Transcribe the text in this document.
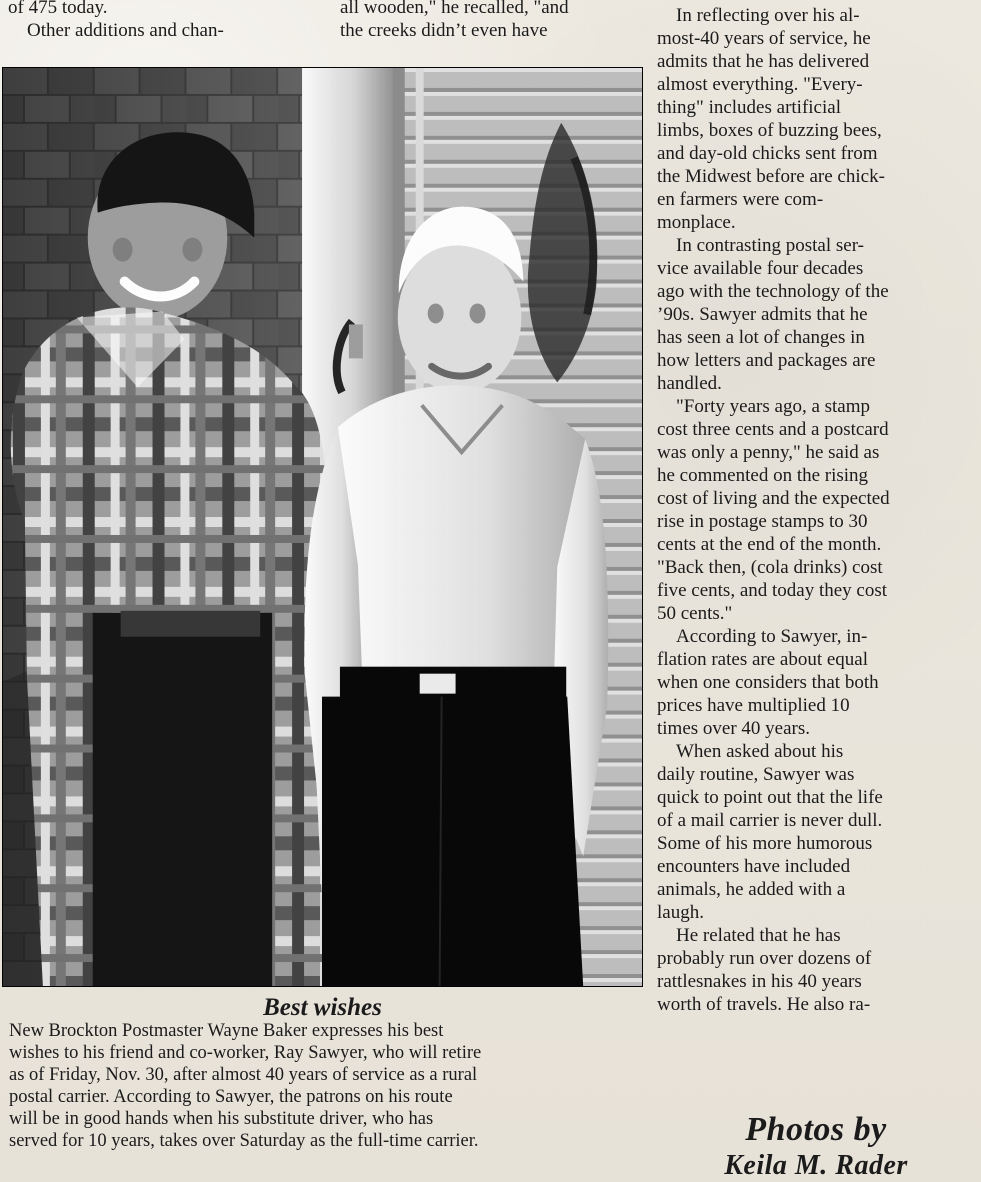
of 475 today.
Other additions and chan-
all wooden," he recalled, "and
the creeks didn’t even have
Best wishes
New Brockton Postmaster Wayne Baker expresses his best
wishes to his friend and co-worker, Ray Sawyer, who will retire
as of Friday, Nov. 30, after almost 40 years of service as a rural
postal carrier. According to Sawyer, the patrons on his route
will be in good hands when his substitute driver, who has
served for 10 years, takes over Saturday as the full-time carrier.
In reflecting over his al-
most-40 years of service, he
admits that he has delivered
almost everything. "Every-
thing" includes artificial
limbs, boxes of buzzing bees,
and day-old chicks sent from
the Midwest before are chick-
en farmers were com-
monplace.
In contrasting postal ser-
vice available four decades
ago with the technology of the
’90s. Sawyer admits that he
has seen a lot of changes in
how letters and packages are
handled.
"Forty years ago, a stamp
cost three cents and a postcard
was only a penny," he said as
he commented on the rising
cost of living and the expected
rise in postage stamps to 30
cents at the end of the month.
"Back then, (cola drinks) cost
five cents, and today they cost
50 cents."
According to Sawyer, in-
flation rates are about equal
when one considers that both
prices have multiplied 10
times over 40 years.
When asked about his
daily routine, Sawyer was
quick to point out that the life
of a mail carrier is never dull.
Some of his more humorous
encounters have included
animals, he added with a
laugh.
He related that he has
probably run over dozens of
rattlesnakes in his 40 years
worth of travels. He also ra-
Photos by
Keila M. Rader
